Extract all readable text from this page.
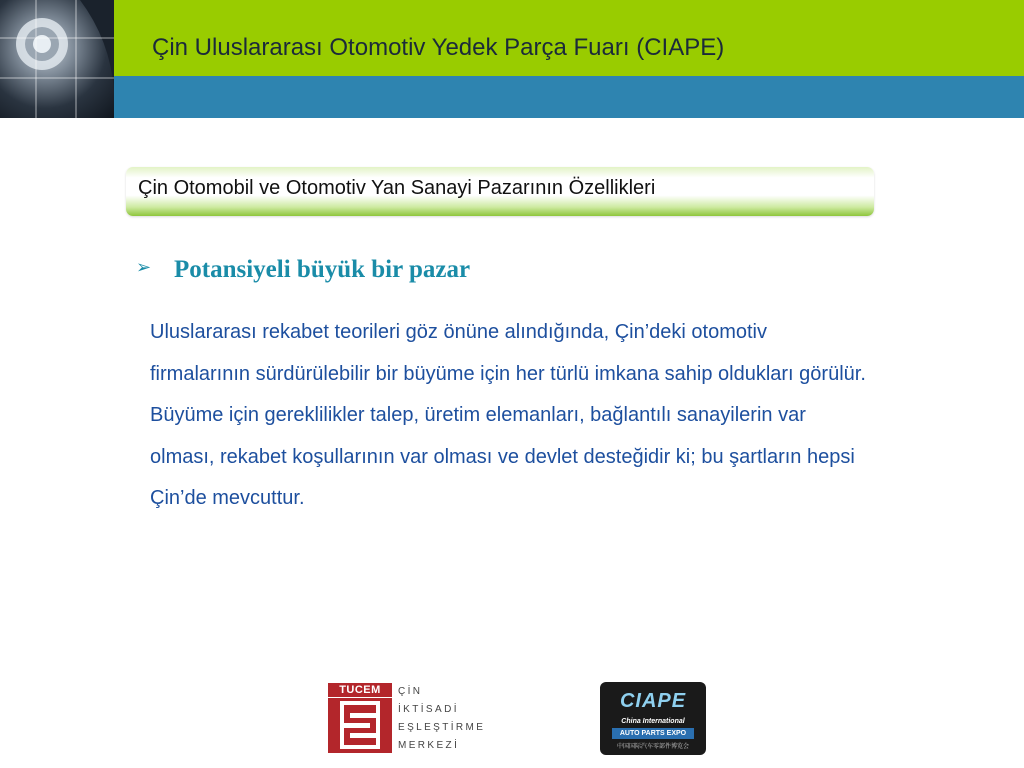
Çin Uluslararası Otomotiv Yedek Parça Fuarı (CIAPE)
Çin Otomobil ve Otomotiv Yan Sanayi Pazarının Özellikleri
➢ Potansiyeli büyük bir pazar
Uluslararası rekabet teorileri göz önüne alındığında, Çin’deki otomotiv firmalarının sürdürülebilir bir büyüme için her türlü imkana sahip oldukları görülür. Büyüme için gereklilikler talep, üretim elemanları, bağlantılı sanayilerin var olması, rekabet koşullarının var olması ve devlet desteğidir ki; bu şartların hepsi Çin’de mevcuttur.
TUCEM	ÇİN
İKTİSADİ
EŞLEŞTİRME
MERKEZİ
CIAPE
China International
AUTO PARTS EXPO
中国国际汽车零部件博览会
